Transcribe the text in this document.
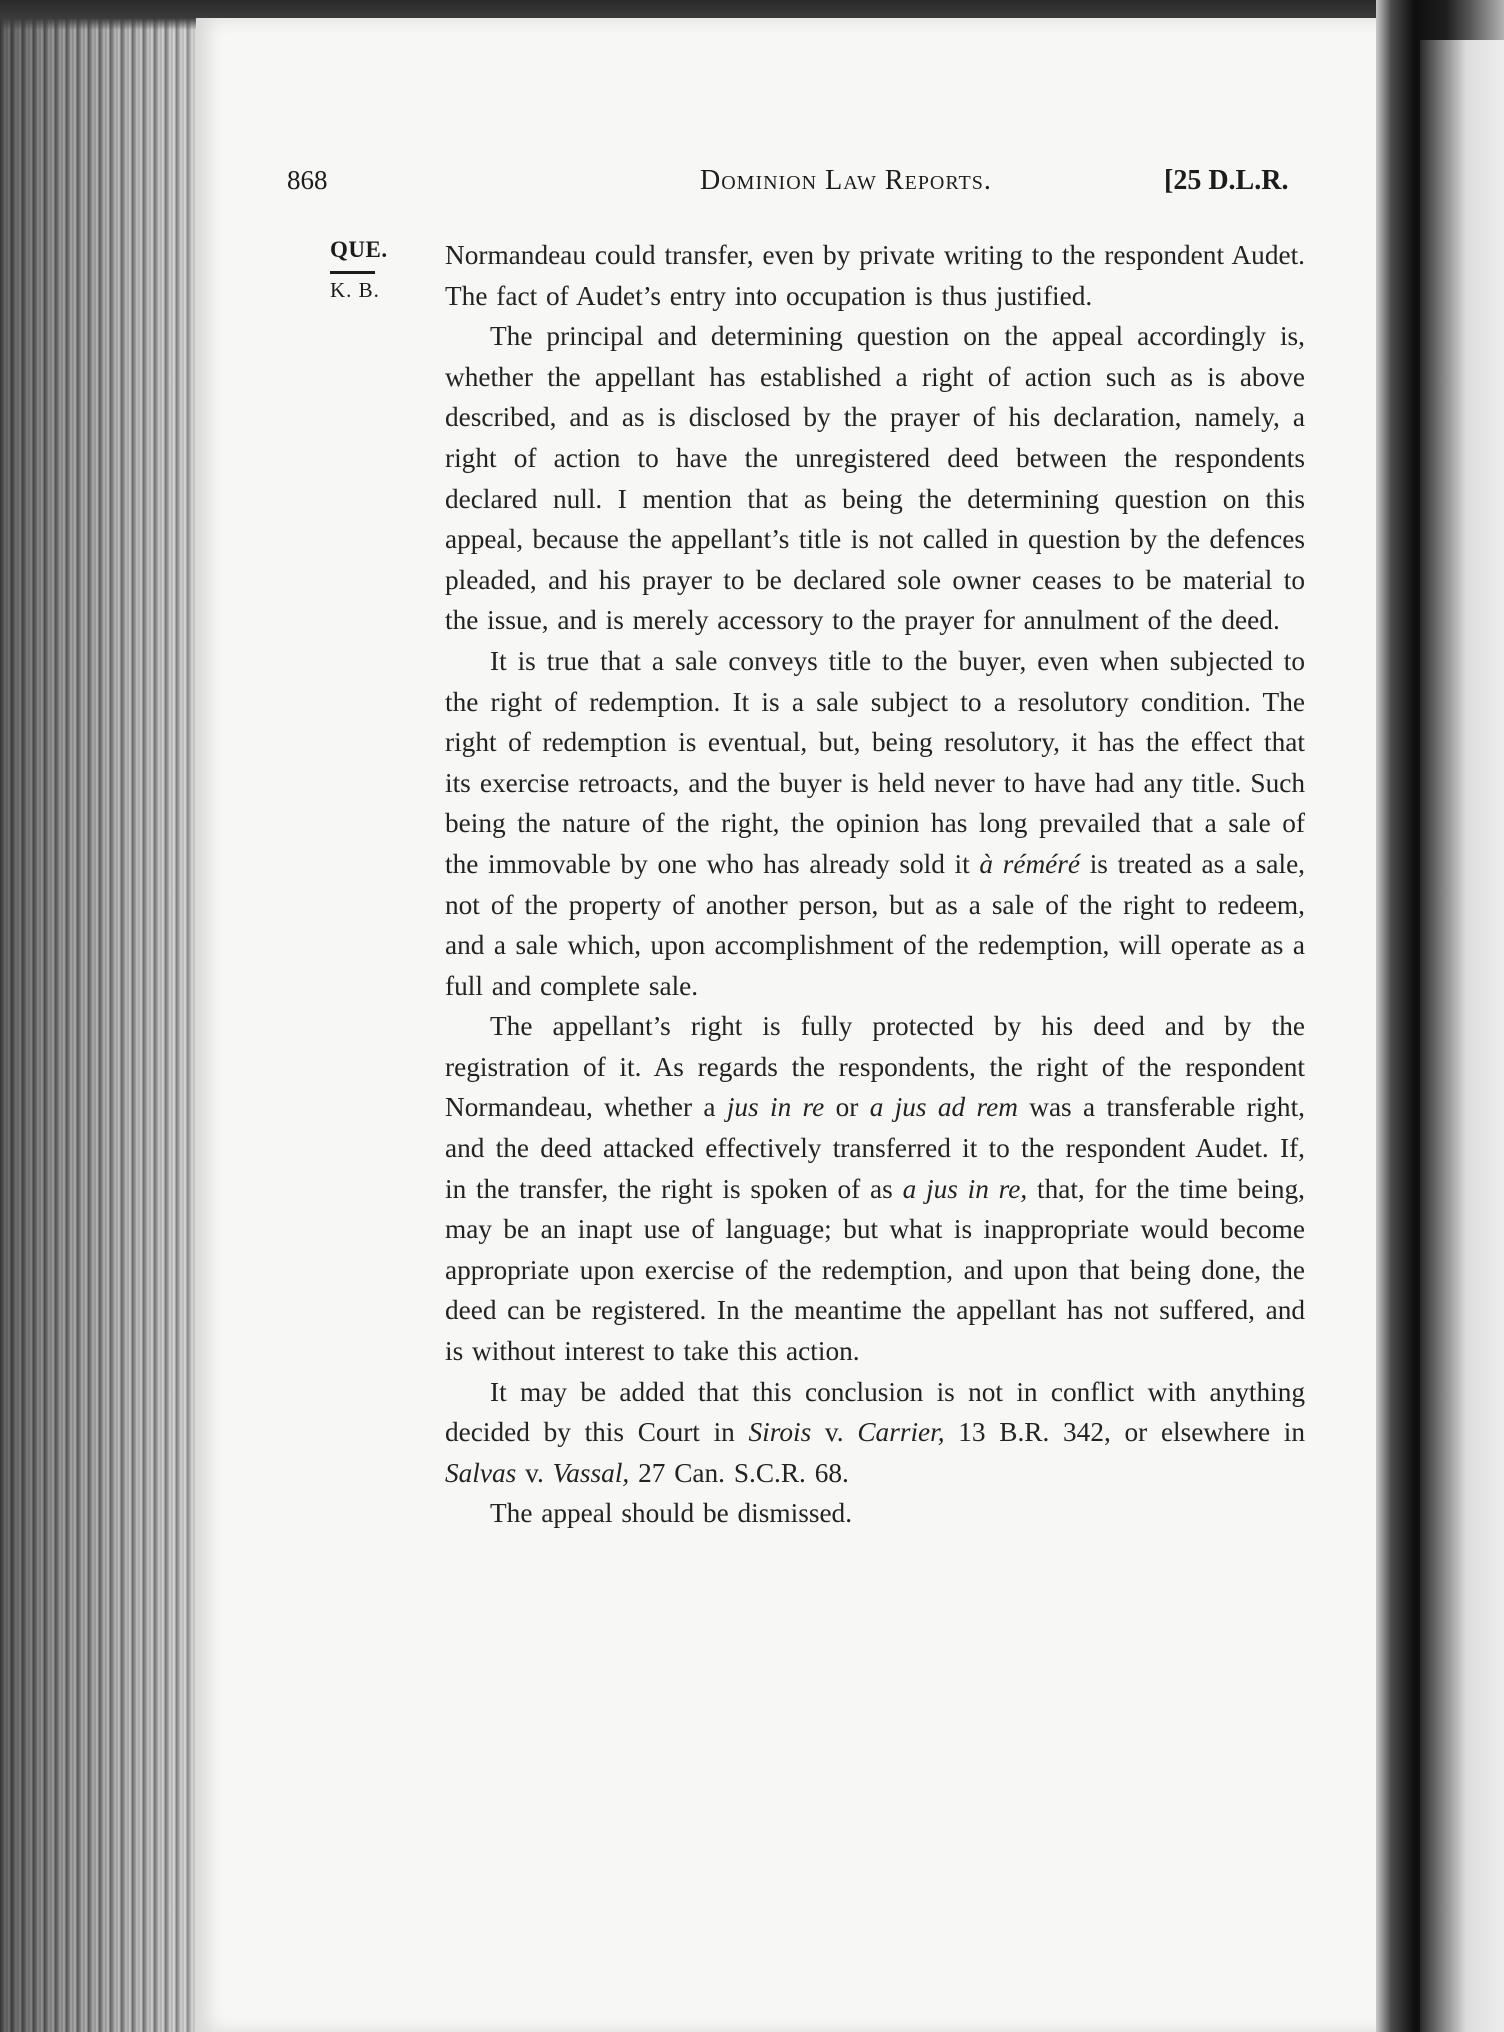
868	Dominion Law Reports.	[25 D.L.R.
QUE.
K. B.

Normandeau could transfer, even by private writing to the respondent Audet. The fact of Audet’s entry into occupation is thus justified.

The principal and determining question on the appeal accordingly is, whether the appellant has established a right of action such as is above described, and as is disclosed by the prayer of his declaration, namely, a right of action to have the unregistered deed between the respondents declared null. I mention that as being the determining question on this appeal, because the appellant’s title is not called in question by the defences pleaded, and his prayer to be declared sole owner ceases to be material to the issue, and is merely accessory to the prayer for annulment of the deed.

It is true that a sale conveys title to the buyer, even when subjected to the right of redemption. It is a sale subject to a resolutory condition. The right of redemption is eventual, but, being resolutory, it has the effect that its exercise retroacts, and the buyer is held never to have had any title. Such being the nature of the right, the opinion has long prevailed that a sale of the immovable by one who has already sold it à réméré is treated as a sale, not of the property of another person, but as a sale of the right to redeem, and a sale which, upon accomplishment of the redemption, will operate as a full and complete sale.

The appellant’s right is fully protected by his deed and by the registration of it. As regards the respondents, the right of the respondent Normandeau, whether a jus in re or a jus ad rem was a transferable right, and the deed attacked effectively transferred it to the respondent Audet. If, in the transfer, the right is spoken of as a jus in re, that, for the time being, may be an inapt use of language; but what is inappropriate would become appropriate upon exercise of the redemption, and upon that being done, the deed can be registered. In the meantime the appellant has not suffered, and is without interest to take this action.

It may be added that this conclusion is not in conflict with anything decided by this Court in Sirois v. Carrier, 13 B.R. 342, or elsewhere in Salvas v. Vassal, 27 Can. S.C.R. 68.

The appeal should be dismissed.
